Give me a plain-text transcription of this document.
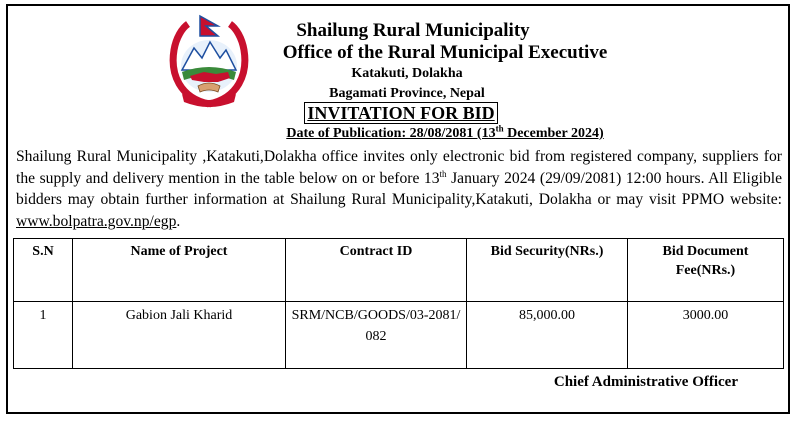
Shailung Rural Municipality
Office of the Rural Municipal Executive
Katakuti, Dolakha
Bagamati Province, Nepal
INVITATION FOR BID
Date of Publication: 28/08/2081 (13th December 2024)
Shailung Rural Municipality ,Katakuti,Dolakha office invites only electronic bid from registered company, suppliers for the supply and delivery mention in the table below on or before 13th January 2024 (29/09/2081) 12:00 hours. All Eligible bidders may obtain further information at Shailung Rural Municipality,Katakuti, Dolakha or may visit PPMO website: www.bolpatra.gov.np/egp.
S.N	Name of Project	Contract ID	Bid Security(NRs.)	Bid Document Fee(NRs.)
1	Gabion Jali Kharid	SRM/NCB/GOODS/03-2081/082	85,000.00	3000.00
Chief Administrative Officer
